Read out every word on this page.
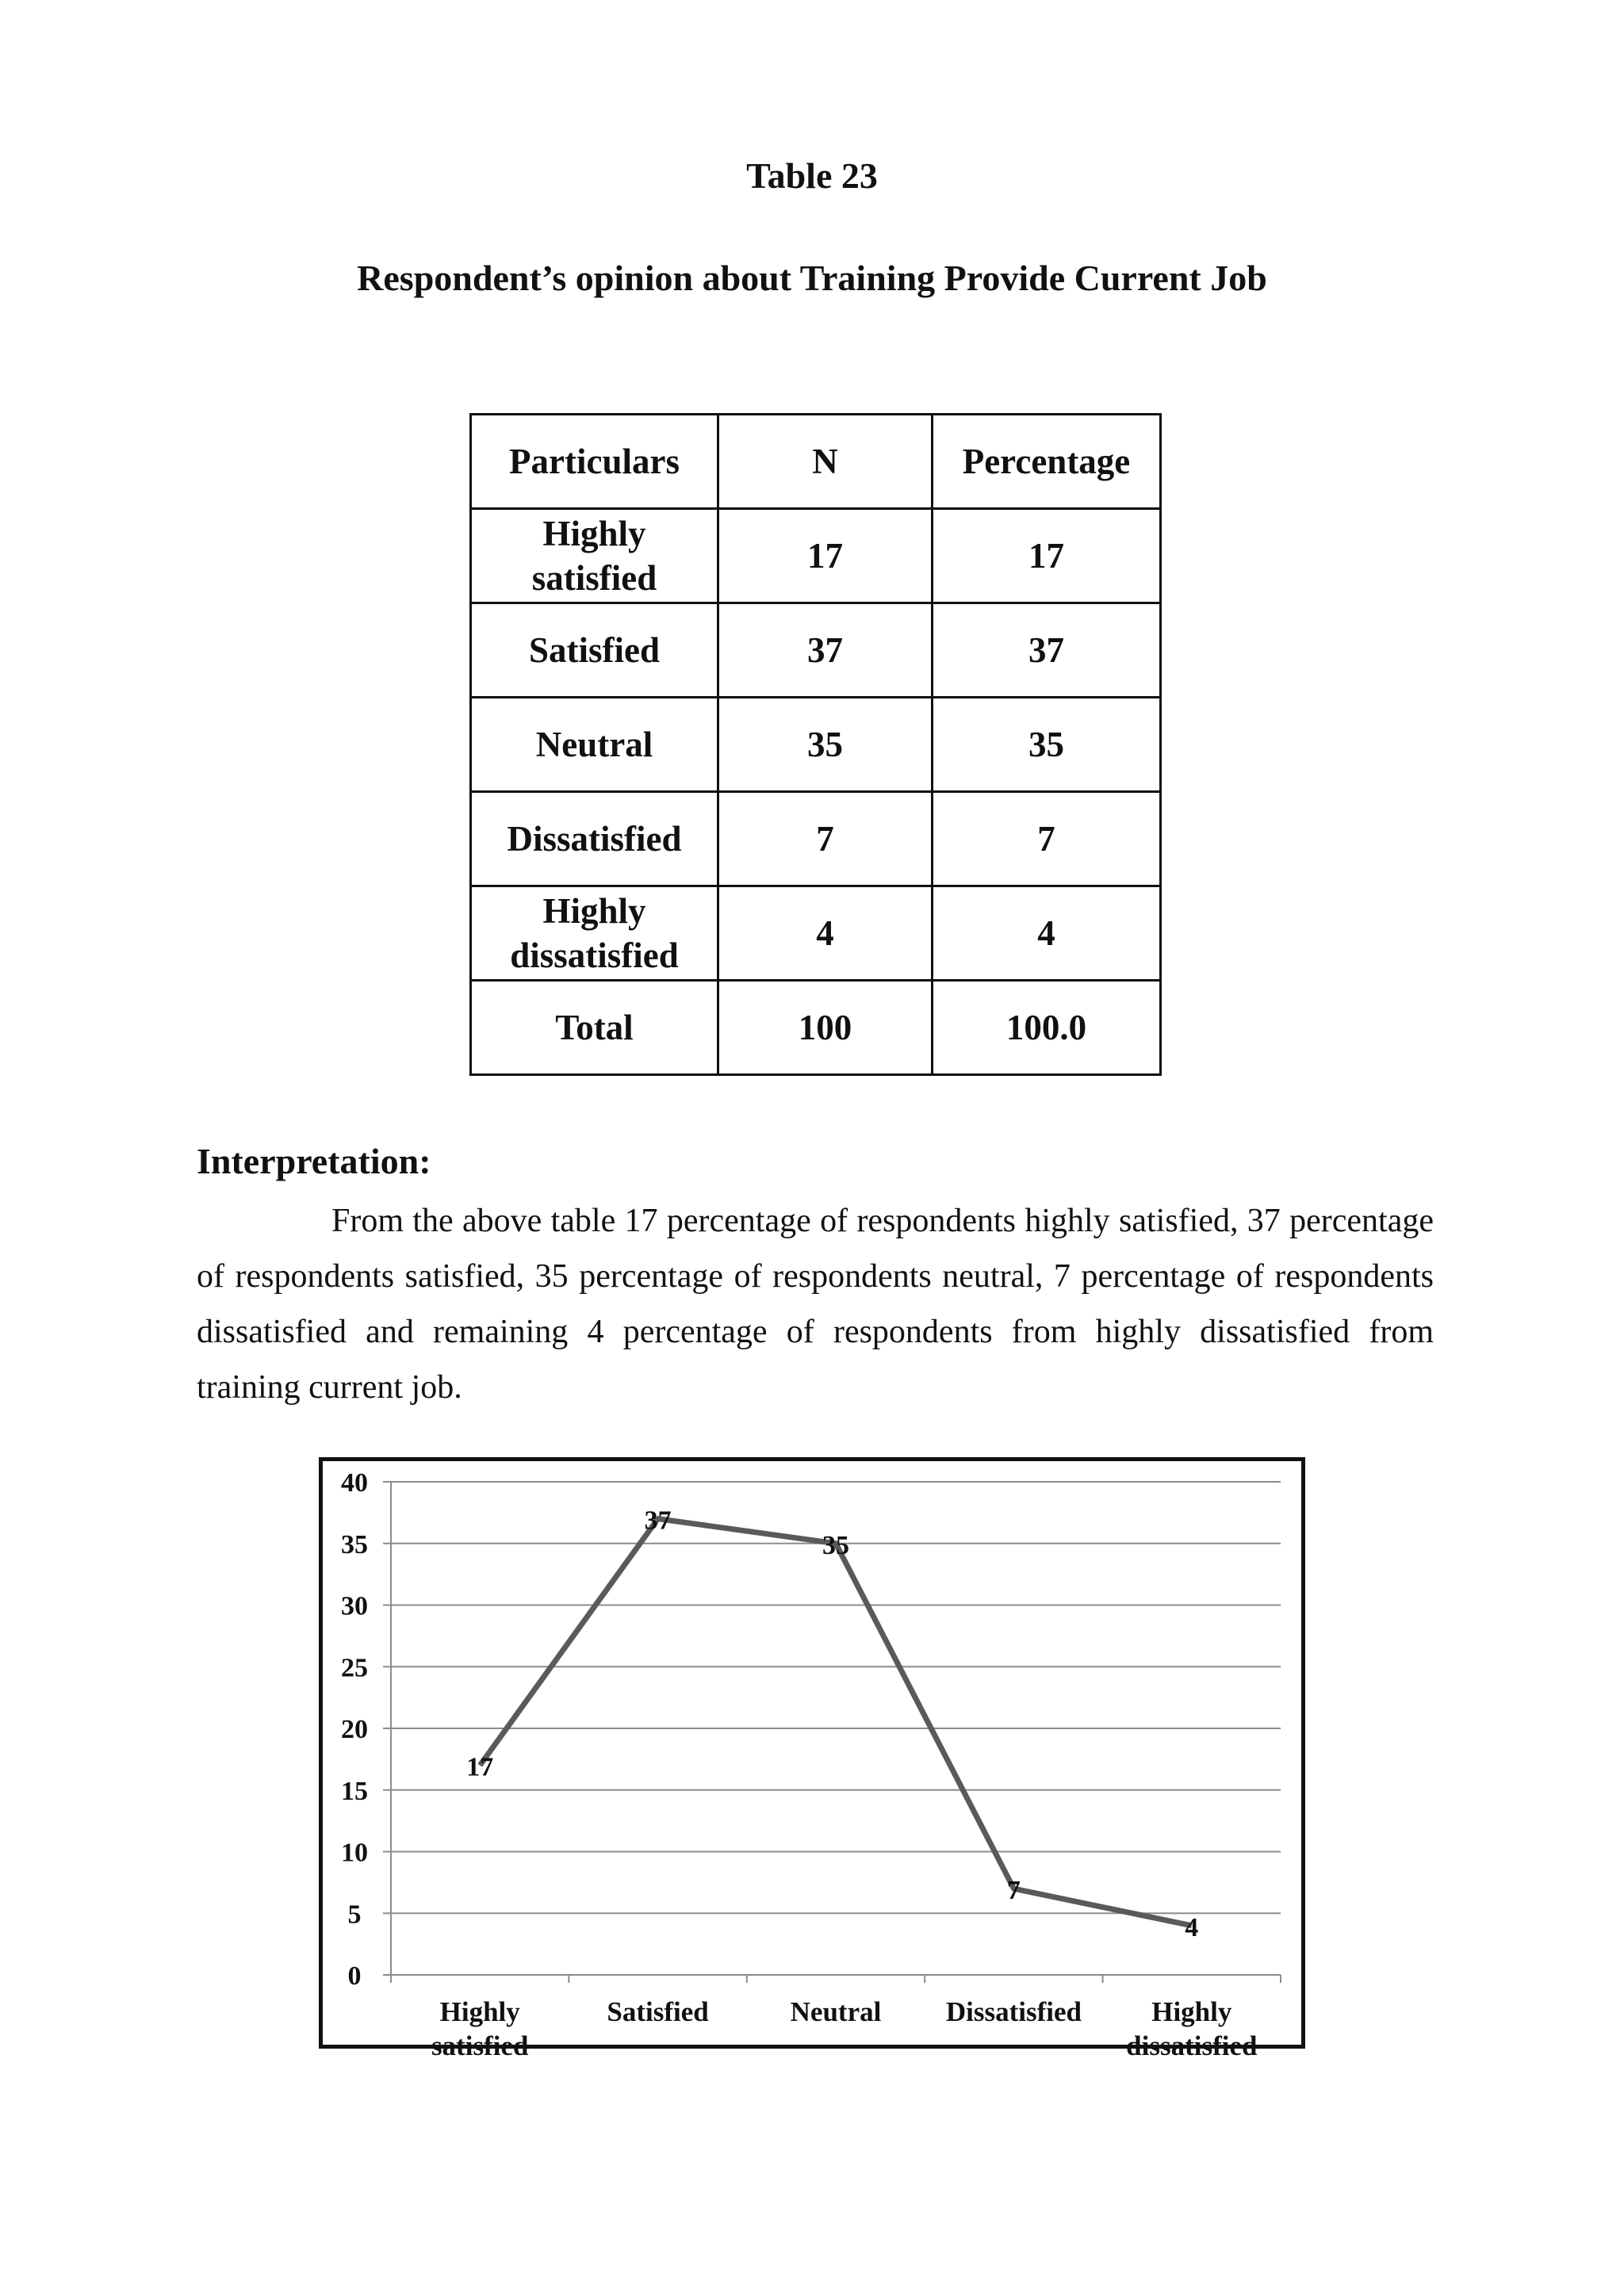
Table 23
Respondent’s opinion about Training Provide Current Job
Particulars	N	Percentage
Highly satisfied	17	17
Satisfied	37	37
Neutral	35	35
Dissatisfied	7	7
Highly dissatisfied	4	4
Total	100	100.0
Interpretation:
From the above table 17 percentage of respondents highly satisfied, 37 percentage of respondents satisfied, 35 percentage of respondents neutral, 7 percentage of respondents dissatisfied and remaining 4 percentage of respondents from highly dissatisfied from training current job.
0
5
10
15
20
25
30
35
40
Highly satisfied
Satisfied	Neutral Dissatisfied	Highly dissatisfied
17
37
35
7
4
